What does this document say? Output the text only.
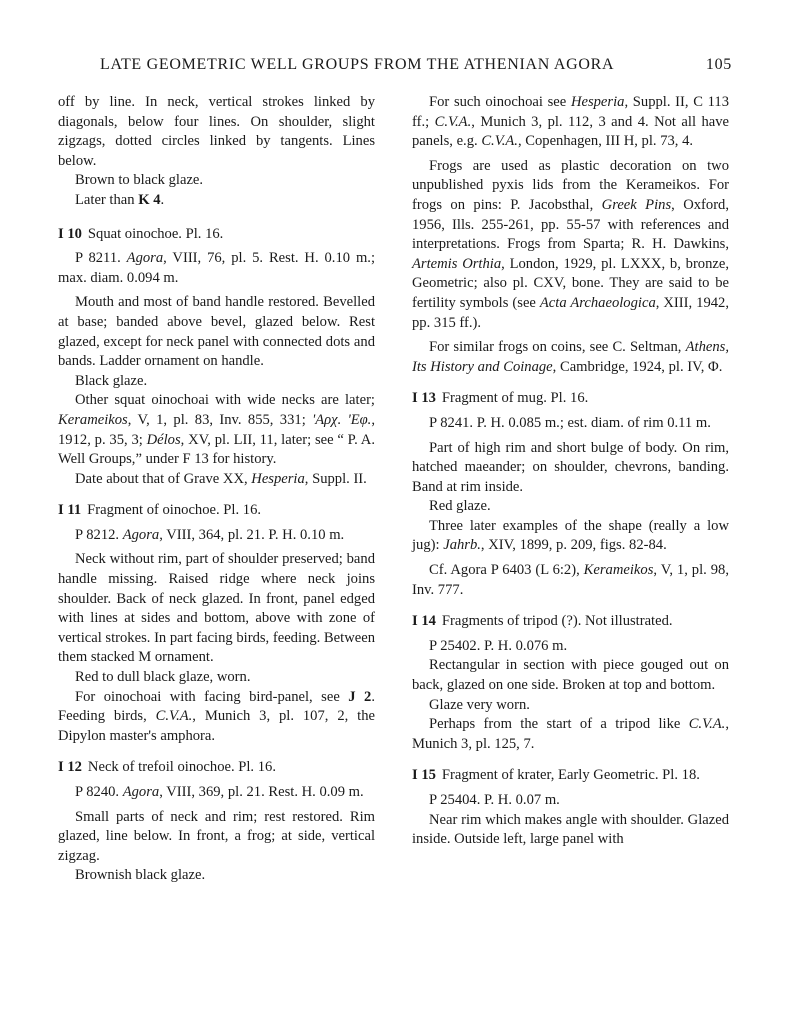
LATE GEOMETRIC WELL GROUPS FROM THE ATHENIAN AGORA	105

off by line. In neck, vertical strokes linked by diagonals, below four lines. On shoulder, slight zigzags, dotted circles linked by tangents. Lines below.

Brown to black glaze.

Later than K 4.

I 10 Squat oinochoe. Pl. 16.

P 8211. Agora, VIII, 76, pl. 5. Rest. H. 0.10 m.; max. diam. 0.094 m.

Mouth and most of band handle restored. Bevelled at base; banded above bevel, glazed below. Rest glazed, except for neck panel with connected dots and bands. Ladder ornament on handle.

Black glaze.

Other squat oinochoai with wide necks are later; Kerameikos, V, 1, pl. 83, Inv. 855, 331; 'Αρχ. 'Εφ., 1912, p. 35, 3; Délos, XV, pl. LII, 11, later; see “ P. A. Well Groups,” under F 13 for history.

Date about that of Grave XX, Hesperia, Suppl. II.

I 11 Fragment of oinochoe. Pl. 16.

P 8212. Agora, VIII, 364, pl. 21. P. H. 0.10 m.

Neck without rim, part of shoulder preserved; band handle missing. Raised ridge where neck joins shoulder. Back of neck glazed. In front, panel edged with lines at sides and bottom, above with zone of vertical strokes. In part facing birds, feeding. Between them stacked M ornament.

Red to dull black glaze, worn.

For oinochoai with facing bird-panel, see J 2. Feeding birds, C.V.A., Munich 3, pl. 107, 2, the Dipylon master's amphora.

I 12 Neck of trefoil oinochoe. Pl. 16.

P 8240. Agora, VIII, 369, pl. 21. Rest. H. 0.09 m.

Small parts of neck and rim; rest restored. Rim glazed, line below. In front, a frog; at side, vertical zigzag.

Brownish black glaze.

For such oinochoai see Hesperia, Suppl. II, C 113 ff.; C.V.A., Munich 3, pl. 112, 3 and 4. Not all have panels, e.g. C.V.A., Copenhagen, III H, pl. 73, 4.

Frogs are used as plastic decoration on two unpublished pyxis lids from the Kerameikos. For frogs on pins: P. Jacobsthal, Greek Pins, Oxford, 1956, Ills. 255-261, pp. 55-57 with references and interpretations. Frogs from Sparta; R. H. Dawkins, Artemis Orthia, London, 1929, pl. LXXX, b, bronze, Geometric; also pl. CXV, bone. They are said to be fertility symbols (see Acta Archaeologica, XIII, 1942, pp. 315 ff.).

For similar frogs on coins, see C. Seltman, Athens, Its History and Coinage, Cambridge, 1924, pl. IV, Φ.

I 13 Fragment of mug. Pl. 16.

P 8241. P. H. 0.085 m.; est. diam. of rim 0.11 m.

Part of high rim and short bulge of body. On rim, hatched maeander; on shoulder, chevrons, banding. Band at rim inside.

Red glaze.

Three later examples of the shape (really a low jug): Jahrb., XIV, 1899, p. 209, figs. 82-84.

Cf. Agora P 6403 (L 6:2), Kerameikos, V, 1, pl. 98, Inv. 777.

I 14 Fragments of tripod (?). Not illustrated.

P 25402. P. H. 0.076 m.

Rectangular in section with piece gouged out on back, glazed on one side. Broken at top and bottom.

Glaze very worn.

Perhaps from the start of a tripod like C.V.A., Munich 3, pl. 125, 7.

I 15 Fragment of krater, Early Geometric. Pl. 18.

P 25404. P. H. 0.07 m.

Near rim which makes angle with shoulder. Glazed inside. Outside left, large panel with
